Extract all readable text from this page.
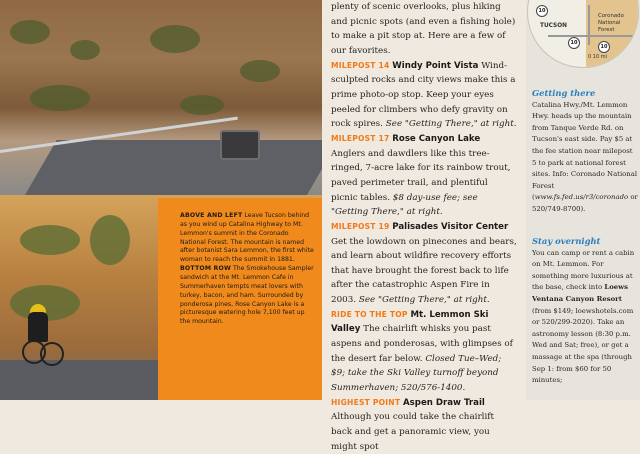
ABOVE AND LEFT Leave Tucson behind as you wind up Catalina Highway to Mt. Lemmon's summit in the Coronado National Forest. The mountain is named after botanist Sara Lemmon, the first white woman to reach the summit in 1881. BOTTOM ROW The Smokehouse Sampler sandwich at the Mt. Lemmon Cafe in Summerhaven tempts meat lovers with turkey, bacon, and ham. Surrounded by ponderosa pines, Rose Canyon Lake is a picturesque watering hole 7,100 feet up the mountain.
plenty of scenic overlooks, plus hiking and picnic spots (and even a fishing hole) to make a pit stop at. Here are a few of our favorites.
MILEPOST 14 Windy Point Vista Wind-sculpted rocks and city views make this a prime photo-op stop. Keep your eyes peeled for climbers who defy gravity on rock spires. See "Getting There," at right.
MILEPOST 17 Rose Canyon Lake Anglers and dawdlers like this tree-ringed, 7-acre lake for its rainbow trout, paved perimeter trail, and plentiful picnic tables. $8 day-use fee; see "Getting There," at right.
MILEPOST 19 Palisades Visitor Center Get the lowdown on pinecones and bears, and learn about wildfire recovery efforts that have brought the forest back to life after the catastrophic Aspen Fire in 2003. See "Getting There," at right.
RIDE TO THE TOP Mt. Lemmon Ski Valley The chairlift whisks you past aspens and ponderosas, with glimpses of the desert far below. Closed Tue–Wed; $9; take the Ski Valley turnoff beyond Summerhaven; 520/576-1400.
HIGHEST POINT Aspen Draw Trail Although you could take the chairlift back and get a panoramic view, you might spot
10
10
10
TUCSON
Coronado National Forest
0 10 mi
Getting there
Catalina Hwy./Mt. Lemmon Hwy. heads up the mountain from Tanque Verde Rd. on Tucson's east side. Pay $5 at the fee station near milepost 5 to park at national forest sites. Info: Coronado National Forest (www.fs.fed.us/r3/coronado or 520/749-8700).
Stay overnight
You can camp or rent a cabin on Mt. Lemmon. For something more luxurious at the base, check into Loews Ventana Canyon Resort (from $149; loewshotels.com or 520/299-2020). Take an astronomy lesson (8:30 p.m. Wed and Sat; free), or get a massage at the spa (through Sep 1: from $60 for 50 minutes;
